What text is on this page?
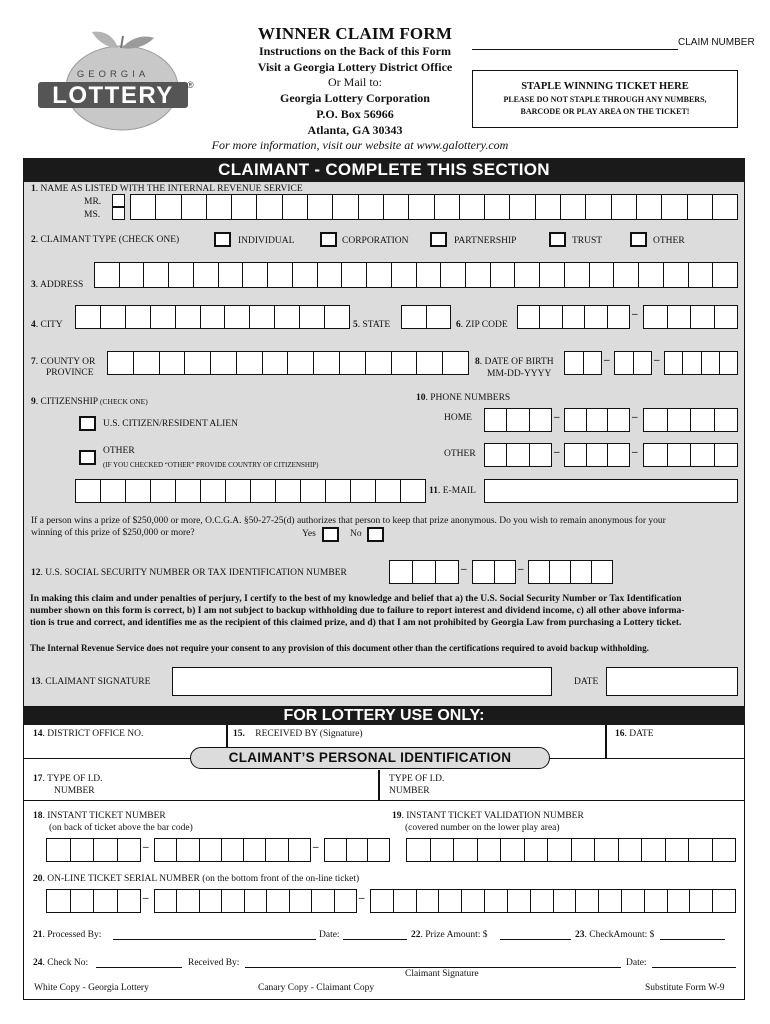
GEORGIA
LOTTERY ®
WINNER CLAIM FORM
Instructions on the Back of this Form
Visit a Georgia Lottery District Office
Or Mail to:
Georgia Lottery Corporation
P.O. Box 56966
Atlanta, GA 30343
For more information, visit our website at www.galottery.com
CLAIM NUMBER
STAPLE WINNING TICKET HERE
PLEASE DO NOT STAPLE THROUGH ANY NUMBERS,
BARCODE OR PLAY AREA ON THE TICKET!
CLAIMANT - COMPLETE THIS SECTION
1. NAME AS LISTED WITH THE INTERNAL REVENUE SERVICE
MR.
MS.
2. CLAIMANT TYPE (CHECK ONE)	INDIVIDUAL	CORPORATION	PARTNERSHIP	TRUST	OTHER
3. ADDRESS
4. CITY	5. STATE	6. ZIP CODE
–
7. COUNTY OR
PROVINCE
8. DATE OF BIRTH
MM-DD-YYYY
–	–
9. CITIZENSHIP (CHECK ONE)
U.S. CITIZEN/RESIDENT ALIEN
OTHER
(IF YOU CHECKED “OTHER” PROVIDE COUNTRY OF CITIZENSHIP)
10. PHONE NUMBERS
HOME	–	–
OTHER	–	–
11. E-MAIL
If a person wins a prize of $250,000 or more, O.C.G.A. §50-27-25(d) authorizes that person to keep that prize anonymous. Do you wish to remain anonymous for your
winning of this prize of $250,000 or more?	Yes	No
12. U.S. SOCIAL SECURITY NUMBER OR TAX IDENTIFICATION NUMBER	–	–
In making this claim and under penalties of perjury, I certify to the best of my knowledge and belief that a) the U.S. Social Security Number or Tax Identification
number shown on this form is correct, b) I am not subject to backup withholding due to failure to report interest and dividend income, c) all other above informa-
tion is true and correct, and identifies me as the recipient of this claimed prize, and d) that I am not prohibited by Georgia Law from purchasing a Lottery ticket.
The Internal Revenue Service does not require your consent to any provision of this document other than the certifications required to avoid backup withholding.
13. CLAIMANT SIGNATURE	DATE
FOR LOTTERY USE ONLY:
14. DISTRICT OFFICE NO.	15. RECEIVED BY (Signature)	16. DATE
CLAIMANT’S PERSONAL IDENTIFICATION
17. TYPE OF I.D.
NUMBER
TYPE OF I.D.
NUMBER
18. INSTANT TICKET NUMBER
(on back of ticket above the bar code)
19. INSTANT TICKET VALIDATION NUMBER
(covered number on the lower play area)
–	–
20. ON-LINE TICKET SERIAL NUMBER (on the bottom front of the on-line ticket)
–	–
21. Processed By:	Date:	22. Prize Amount: $	23. CheckAmount: $
24. Check No:	Received By:	Date:
Claimant Signature
White Copy - Georgia Lottery	Canary Copy - Claimant Copy	Substitute Form W-9
